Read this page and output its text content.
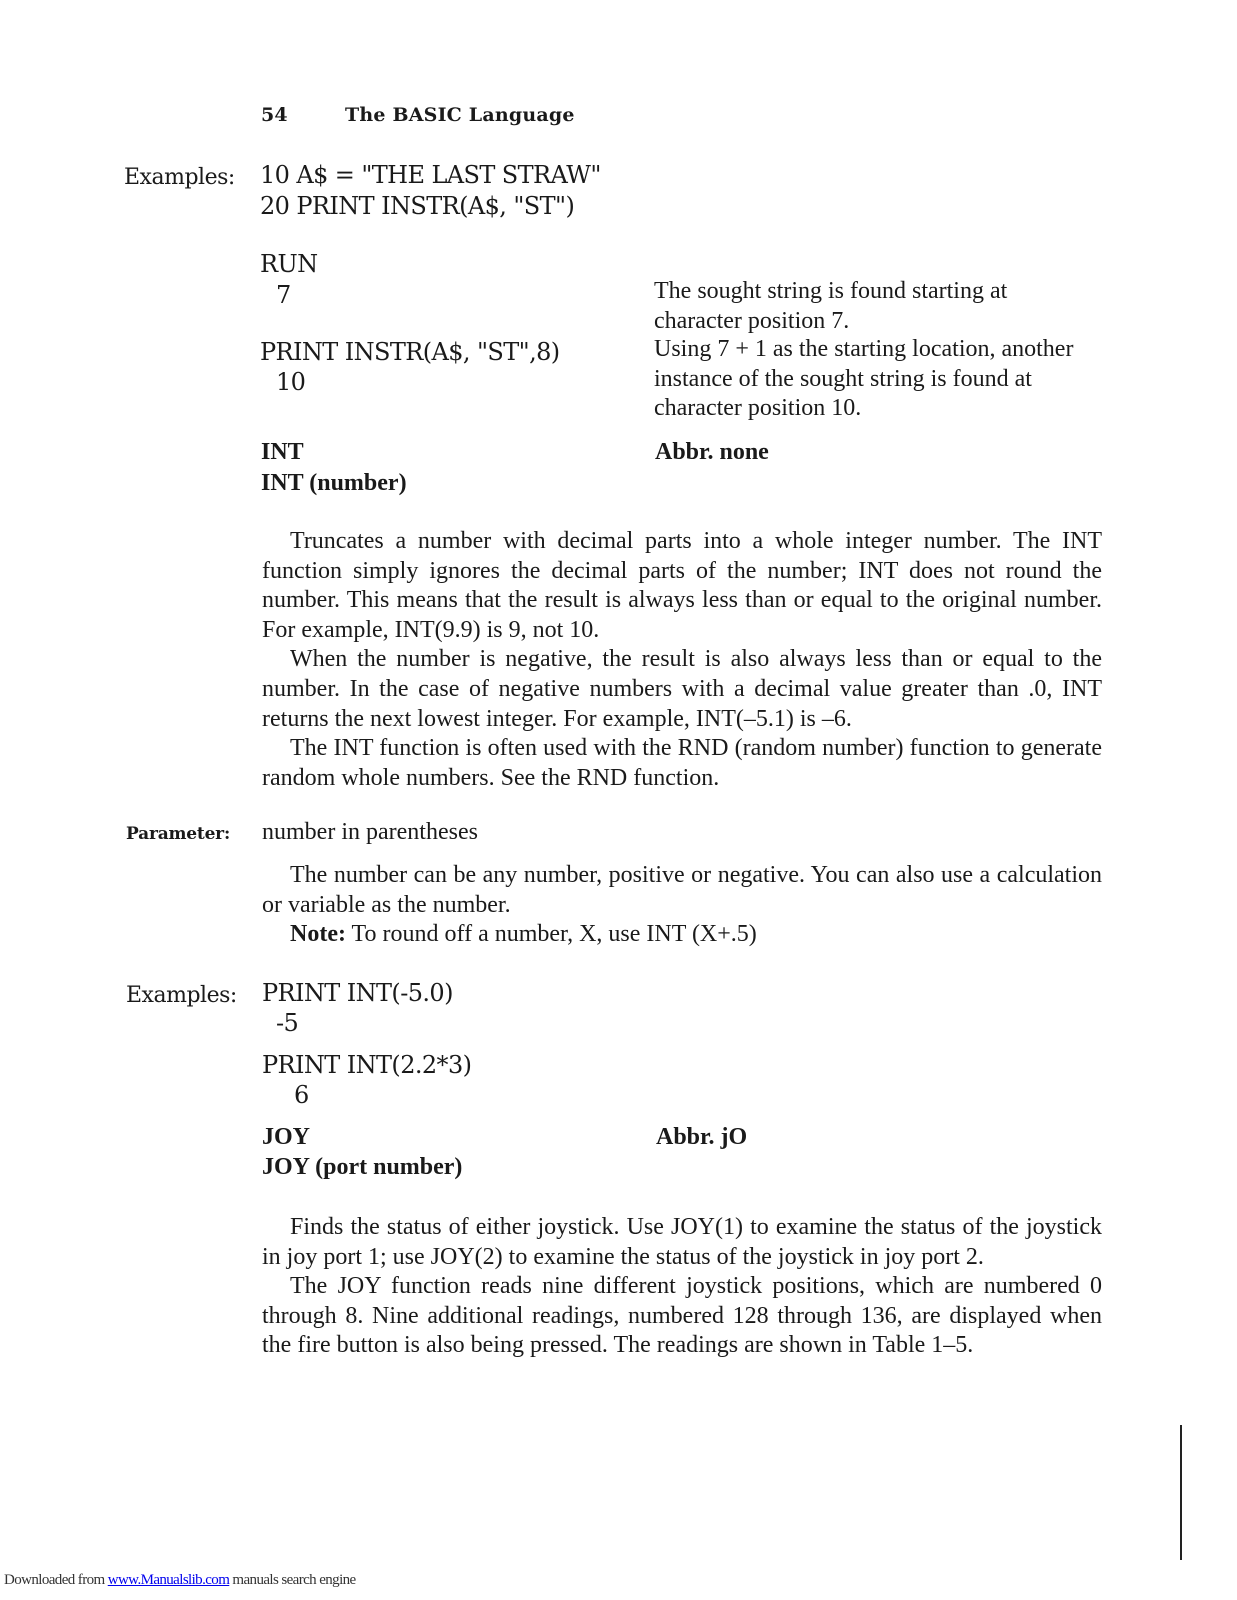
54	The BASIC Language
Examples: 10 A$ = "THE LAST STRAW"
20 PRINT INSTR(A$, "ST")
RUN
7	The sought string is found starting at character position 7.
PRINT INSTR(A$, "ST",8)
10
Using 7 + 1 as the starting location, another instance of the sought string is found at character position 10.
INT	Abbr. none
INT (number)

Truncates a number with decimal parts into a whole integer number. The INT function simply ignores the decimal parts of the number; INT does not round the number. This means that the result is always less than or equal to the original number. For example, INT(9.9) is 9, not 10.

When the number is negative, the result is also always less than or equal to the number. In the case of negative numbers with a decimal value greater than .0, INT returns the next lowest integer. For example, INT(–5.1) is –6.

The INT function is often used with the RND (random number) function to generate random whole numbers. See the RND function.

Parameter: number in parentheses

The number can be any number, positive or negative. You can also use a calculation or variable as the number.

Note: To round off a number, X, use INT (X+.5)

Examples: PRINT INT(-5.0)
-5
PRINT INT(2.2*3)
6
JOY	Abbr. jO
JOY (port number)

Finds the status of either joystick. Use JOY(1) to examine the status of the joystick in joy port 1; use JOY(2) to examine the status of the joystick in joy port 2.

The JOY function reads nine different joystick positions, which are numbered 0 through 8. Nine additional readings, numbered 128 through 136, are displayed when the fire button is also being pressed. The readings are shown in Table 1–5.

Downloaded from www.Manualslib.com manuals search engine
